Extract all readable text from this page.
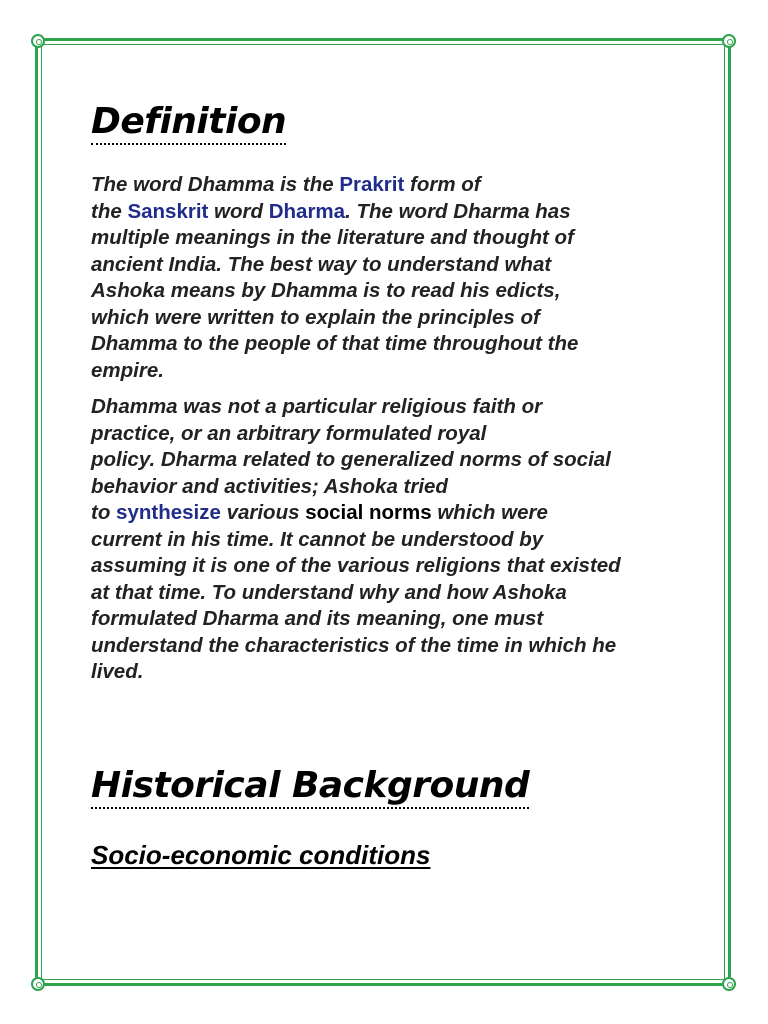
Definition

The word Dhamma is the Prakrit form of
the Sanskrit word Dharma. The word Dharma has
multiple meanings in the literature and thought of
ancient India. The best way to understand what
Ashoka means by Dhamma is to read his edicts,
which were written to explain the principles of
Dhamma to the people of that time throughout the
empire.

Dhamma was not a particular religious faith or
practice, or an arbitrary formulated royal
policy. Dharma related to generalized norms of social
behavior and activities; Ashoka tried
to synthesize various social norms which were
current in his time. It cannot be understood by
assuming it is one of the various religions that existed
at that time. To understand why and how Ashoka
formulated Dharma and its meaning, one must
understand the characteristics of the time in which he
lived.

Historical Background
Socio-economic conditions
